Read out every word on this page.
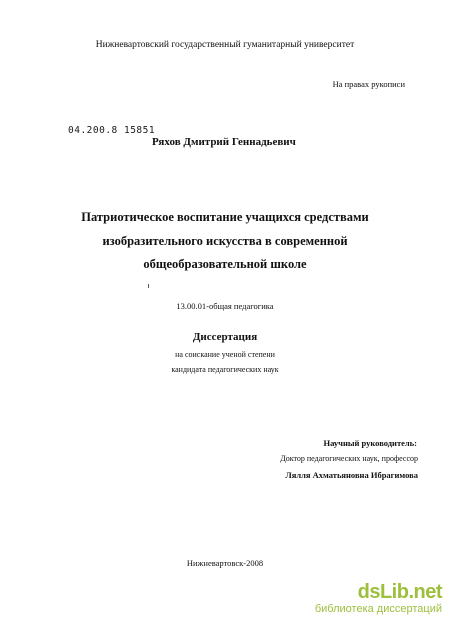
Нижневартовский государственный гуманитарный университет
На правах рукописи
04.200.8 15851
Ряхов Дмитрий Геннадьевич
Патриотическое воспитание учащихся средствами
изобразительного искусства в современной
общеобразовательной школе
13.00.01-общая педагогика
Диссертация
на соискание ученой степени
кандидата педагогических наук
Научный руководитель:
Доктор педагогических наук, профессор
Лялля Ахматьяновна Ибрагимова
Нижневартовск-2008
dsLib.net
библиотека диссертаций
